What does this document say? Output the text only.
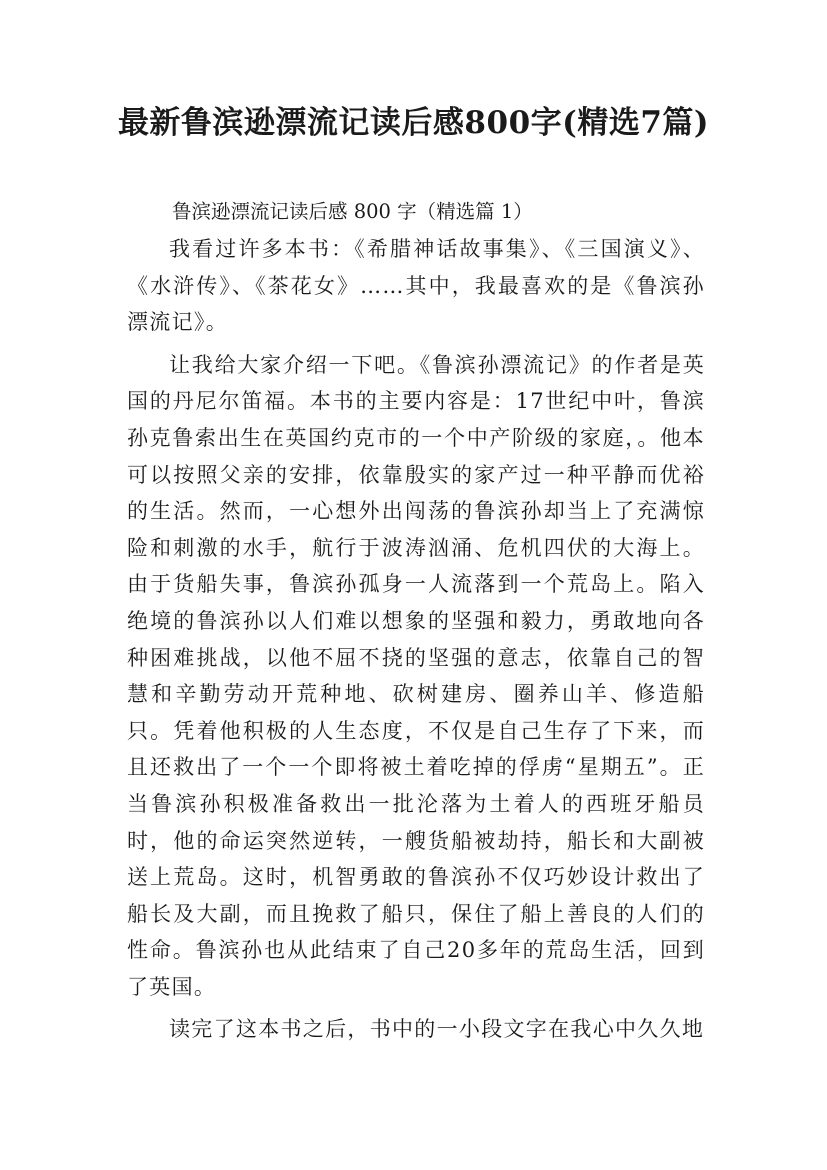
最新鲁滨逊漂流记读后感800字(精选7篇)

鲁滨逊漂流记读后感 800 字（精选篇 1）

我看过许多本书：《希腊神话故事集》、《三国演义》、《水浒传》、《茶花女》……其中，我最喜欢的是《鲁滨孙漂流记》。

让我给大家介绍一下吧。《鲁滨孙漂流记》的作者是英国的丹尼尔笛福。本书的主要内容是：17世纪中叶，鲁滨孙克鲁索出生在英国约克市的一个中产阶级的家庭，。他本可以按照父亲的安排，依靠殷实的家产过一种平静而优裕的生活。然而，一心想外出闯荡的鲁滨孙却当上了充满惊险和刺激的水手，航行于波涛汹涌、危机四伏的大海上。由于货船失事，鲁滨孙孤身一人流落到一个荒岛上。陷入绝境的鲁滨孙以人们难以想象的坚强和毅力，勇敢地向各种困难挑战，以他不屈不挠的坚强的意志，依靠自己的智慧和辛勤劳动开荒种地、砍树建房、圈养山羊、修造船只。凭着他积极的人生态度，不仅是自己生存了下来，而且还救出了一个一个即将被土着吃掉的俘虏“星期五”。正当鲁滨孙积极准备救出一批沦落为土着人的西班牙船员时，他的命运突然逆转，一艘货船被劫持，船长和大副被送上荒岛。这时，机智勇敢的鲁滨孙不仅巧妙设计救出了船长及大副，而且挽救了船只，保住了船上善良的人们的性命。鲁滨孙也从此结束了自己20多年的荒岛生活，回到了英国。

读完了这本书之后，书中的一小段文字在我心中久久地
